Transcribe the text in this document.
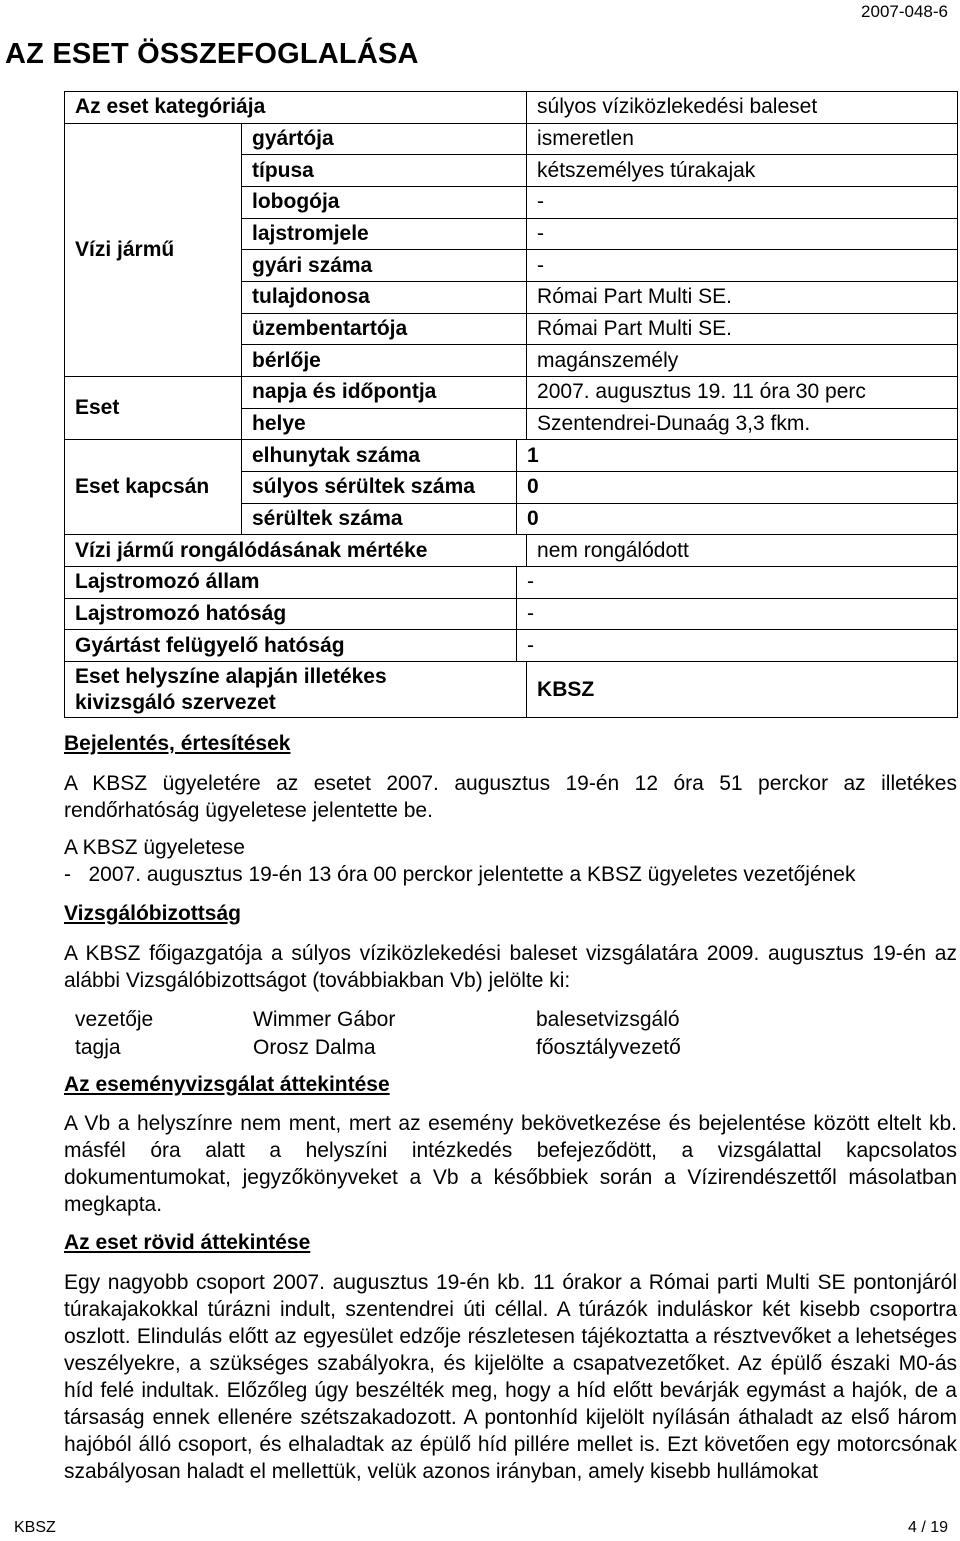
2007-048-6
AZ ESET ÖSSZEFOGLALÁSA
Az eset kategóriája			súlyos víziközlekedési baleset
Vízi jármű	gyártója		ismeretlen
	típusa		kétszemélyes túrakajak
	lobogója		-
	lajstromjele		-
	gyári száma		-
	tulajdonosa		Római Part Multi SE.
	üzembentartója		Római Part Multi SE.
	bérlője		magánszemély
Eset	napja és időpontja		2007. augusztus 19. 11 óra 30 perc
	helye		Szentendrei-Dunaág 3,3 fkm.
Eset kapcsán	elhunytak száma	1	
	súlyos sérültek száma	0	
	sérültek száma	0	
Vízi jármű rongálódásának mértéke			nem rongálódott
Lajstromozó állam		-	
Lajstromozó hatóság		-	
Gyártást felügyelő hatóság		-	

Eset helyszíne alapján illetékes
kivizsgáló szervezet			KBSZ
Bejelentés, értesítések
A KBSZ ügyeletére az esetet 2007. augusztus 19-én 12 óra 51 perckor az illetékes rendőrhatóság ügyeletese jelentette be.
A KBSZ ügyeletese
-   2007. augusztus 19-én 13 óra 00 perckor jelentette a KBSZ ügyeletes vezetőjének
Vizsgálóbizottság
A KBSZ főigazgatója a súlyos víziközlekedési baleset vizsgálatára 2009. augusztus 19-én az alábbi Vizsgálóbizottságot (továbbiakban Vb) jelölte ki:
vezetője	Wimmer Gábor	balesetvizsgáló
tagja	Orosz Dalma	főosztályvezető
Az eseményvizsgálat áttekintése
A Vb a helyszínre nem ment, mert az esemény bekövetkezése és bejelentése között eltelt kb. másfél óra alatt a helyszíni intézkedés befejeződött, a vizsgálattal kapcsolatos dokumentumokat, jegyzőkönyveket a Vb a későbbiek során a Vízirendészettől másolatban megkapta.
Az eset rövid áttekintése
Egy nagyobb csoport 2007. augusztus 19-én kb. 11 órakor a Római parti Multi SE pontonjáról túrakajakokkal túrázni indult, szentendrei úti céllal. A túrázók induláskor két kisebb csoportra oszlott. Elindulás előtt az egyesület edzője részletesen tájékoztatta a résztvevőket a lehetséges veszélyekre, a szükséges szabályokra, és kijelölte a csapatvezetőket. Az épülő északi M0-ás híd felé indultak. Előzőleg úgy beszélték meg, hogy a híd előtt bevárják egymást a hajók, de a társaság ennek ellenére szétszakadozott. A pontonhíd kijelölt nyílásán áthaladt az első három hajóból álló csoport, és elhaladtak az épülő híd pillére mellet is. Ezt követően egy motorcsónak szabályosan haladt el mellettük, velük azonos irányban, amely kisebb hullámokat
KBSZ	4 / 19
